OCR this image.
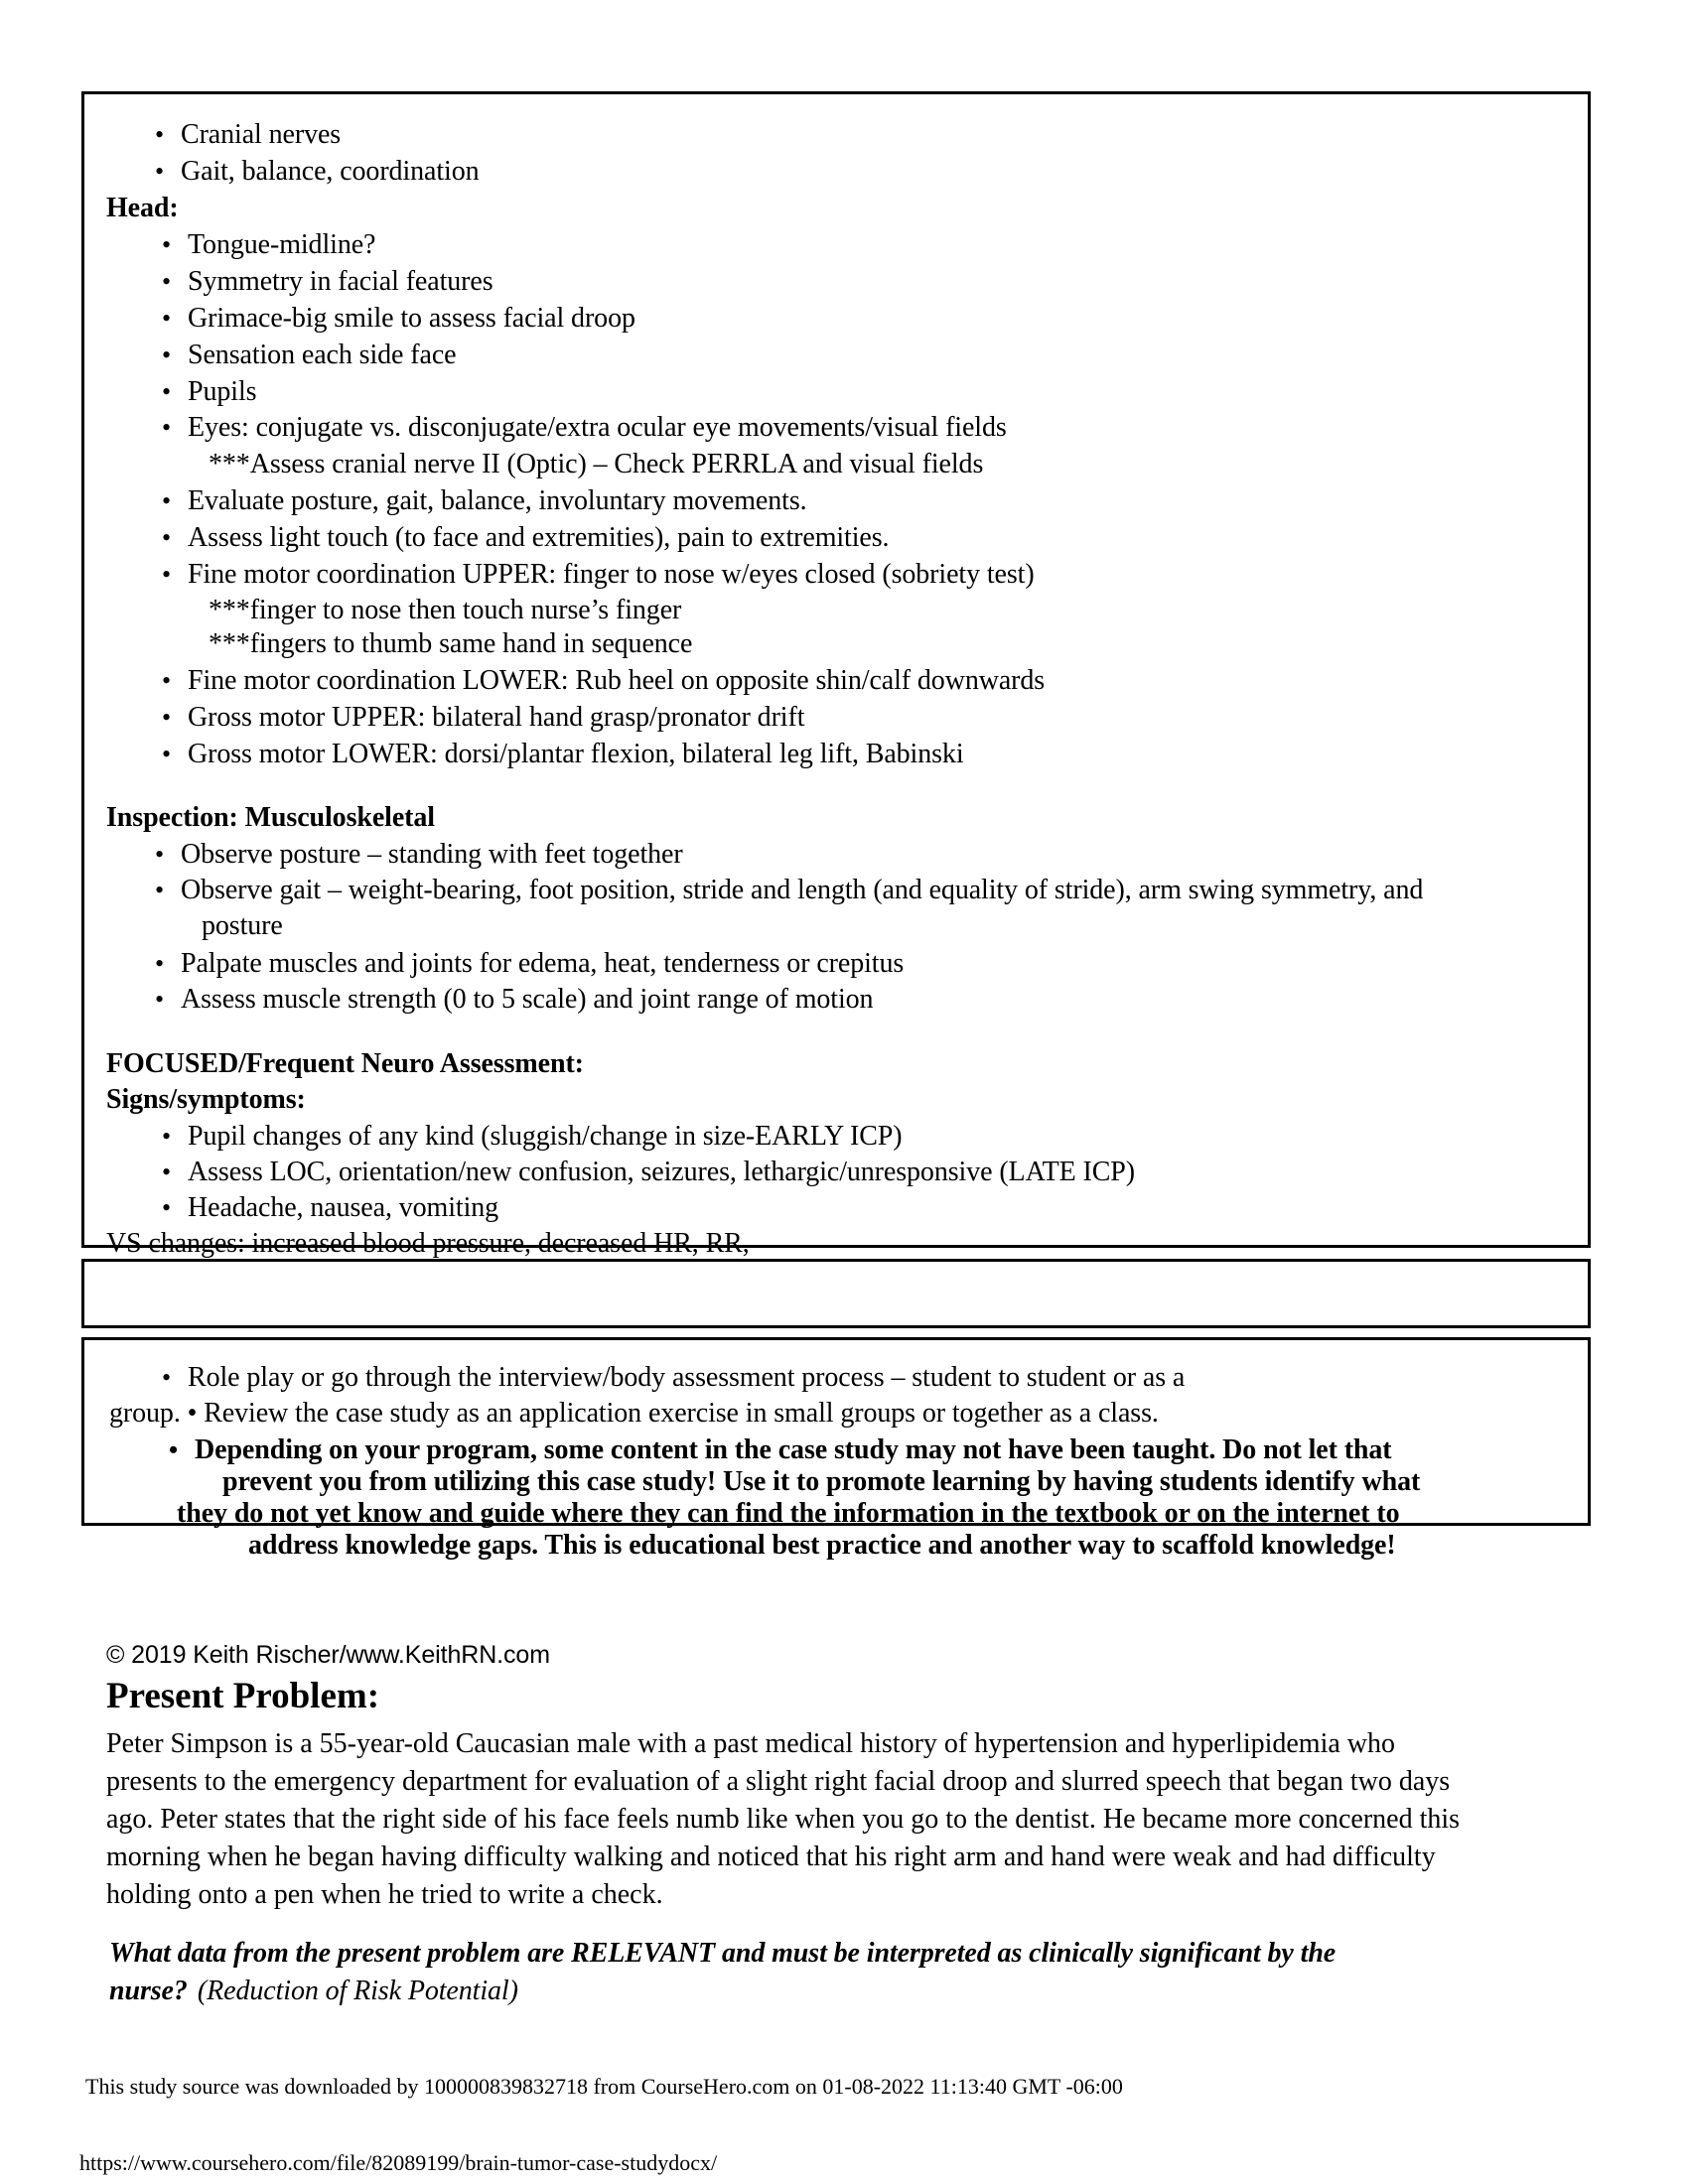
• Cranial nerves
• Gait, balance, coordination
Head:
• Tongue-midline?
• Symmetry in facial features
• Grimace-big smile to assess facial droop
• Sensation each side face
• Pupils
• Eyes: conjugate vs. disconjugate/extra ocular eye movements/visual fields
***Assess cranial nerve II (Optic) – Check PERRLA and visual fields
• Evaluate posture, gait, balance, involuntary movements.
• Assess light touch (to face and extremities), pain to extremities.
• Fine motor coordination UPPER: finger to nose w/eyes closed (sobriety test)
***finger to nose then touch nurse’s finger
***fingers to thumb same hand in sequence
• Fine motor coordination LOWER: Rub heel on opposite shin/calf downwards
• Gross motor UPPER: bilateral hand grasp/pronator drift
• Gross motor LOWER: dorsi/plantar flexion, bilateral leg lift, Babinski
Inspection: Musculoskeletal
• Observe posture – standing with feet together
• Observe gait – weight-bearing, foot position, stride and length (and equality of stride), arm swing symmetry, and
posture
• Palpate muscles and joints for edema, heat, tenderness or crepitus
• Assess muscle strength (0 to 5 scale) and joint range of motion
FOCUSED/Frequent Neuro Assessment:
Signs/symptoms:
• Pupil changes of any kind (sluggish/change in size-EARLY ICP)
• Assess LOC, orientation/new confusion, seizures, lethargic/unresponsive (LATE ICP)
• Headache, nausea, vomiting
VS changes: increased blood pressure, decreased HR, RR,
• Role play or go through the interview/body assessment process – student to student or as a
group. • Review the case study as an application exercise in small groups or together as a class.
• Depending on your program, some content in the case study may not have been taught. Do not let that
prevent you from utilizing this case study! Use it to promote learning by having students identify what
they do not yet know and guide where they can find the information in the textbook or on the internet to
address knowledge gaps. This is educational best practice and another way to scaffold knowledge!
© 2019 Keith Rischer/www.KeithRN.com
Present Problem:
Peter Simpson is a 55-year-old Caucasian male with a past medical history of hypertension and hyperlipidemia who
presents to the emergency department for evaluation of a slight right facial droop and slurred speech that began two days
ago. Peter states that the right side of his face feels numb like when you go to the dentist. He became more concerned this
morning when he began having difficulty walking and noticed that his right arm and hand were weak and had difficulty
holding onto a pen when he tried to write a check.
What data from the present problem are RELEVANT and must be interpreted as clinically significant by the
nurse? (Reduction of Risk Potential)
This study source was downloaded by 100000839832718 from CourseHero.com on 01-08-2022 11:13:40 GMT -06:00
https://www.coursehero.com/file/82089199/brain-tumor-case-studydocx/
